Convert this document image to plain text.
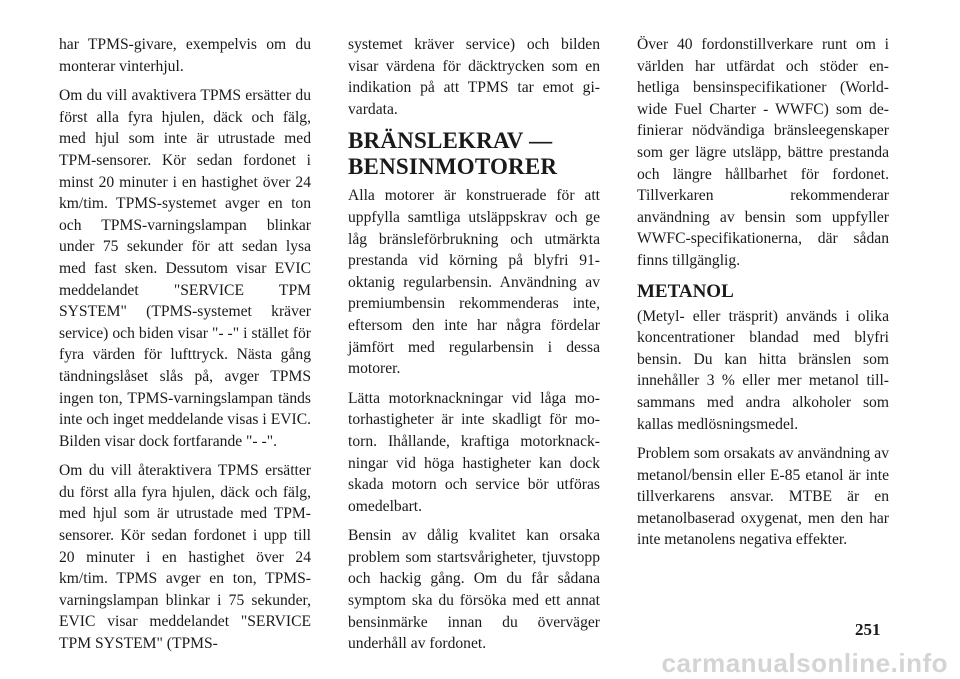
har TPMS-givare, exempelvis om du monterar vinterhjul.

Om du vill avaktivera TPMS ersätter du först alla fyra hjulen, däck och fälg, med hjul som inte är utrustade med TPM-sensorer. Kör sedan fordonet i minst 20 minuter i en hastighet över 24 km/tim. TPMS-systemet avger en ton och TPMS-varningslampan blinkar under 75 sekunder för att sedan lysa med fast sken. Dessutom visar EVIC meddelandet "SERVICE TPM SYSTEM" (TPMS-systemet kräver service) och biden visar "- -" i stället för fyra värden för lufttryck. Nästa gång tändningslåset slås på, avger TPMS ingen ton, TPMS-varningslampan tänds inte och inget meddelande visas i EVIC. Bilden visar dock fortfarande "- -".

Om du vill återaktivera TPMS ersätter du först alla fyra hjulen, däck och fälg, med hjul som är utrustade med TPM-sensorer. Kör sedan fordonet i upp till 20 minuter i en hastighet över 24 km/tim. TPMS avger en ton, TPMS-varningslampan blinkar i 75 sekunder, EVIC visar meddelandet "SERVICE TPM SYSTEM" (TPMS-

systemet kräver service) och bilden visar värdena för däcktrycken som en indikation på att TPMS tar emot givardata.

BRÄNSLEKRAV — BENSINMOTORER

Alla motorer är konstruerade för att uppfylla samtliga utsläppskrav och ge låg bränsleförbrukning och utmärkta prestanda vid körning på blyfri 91-oktanig regularbensin. Användning av premiumbensin rekommenderas inte, eftersom den inte har några fördelar jämfört med regularbensin i dessa motorer.

Lätta motorknackningar vid låga motorhastigheter är inte skadligt för motorn. Ihållande, kraftiga motorknackningar vid höga hastigheter kan dock skada motorn och service bör utföras omedelbart.

Bensin av dålig kvalitet kan orsaka problem som startsvårigheter, tjuvstopp och hackig gång. Om du får sådana symptom ska du försöka med ett annat bensinmärke innan du överväger underhåll av fordonet.

Över 40 fordonstillverkare runt om i världen har utfärdat och stöder enhetliga bensinspecifikationer (Worldwide Fuel Charter - WWFC) som definierar nödvändiga bränsleegenskaper som ger lägre utsläpp, bättre prestanda och längre hållbarhet för fordonet. Tillverkaren rekommenderar användning av bensin som uppfyller WWFC-specifikationerna, där sådan finns tillgänglig.

METANOL

(Metyl- eller träsprit) används i olika koncentrationer blandad med blyfri bensin. Du kan hitta bränslen som innehåller 3 % eller mer metanol tillsammans med andra alkoholer som kallas medlösningsmedel.

Problem som orsakats av användning av metanol/bensin eller E-85 etanol är inte tillverkarens ansvar. MTBE är en metanolbaserad oxygenat, men den har inte metanolens negativa effekter.

251
carmanualsonline.info
